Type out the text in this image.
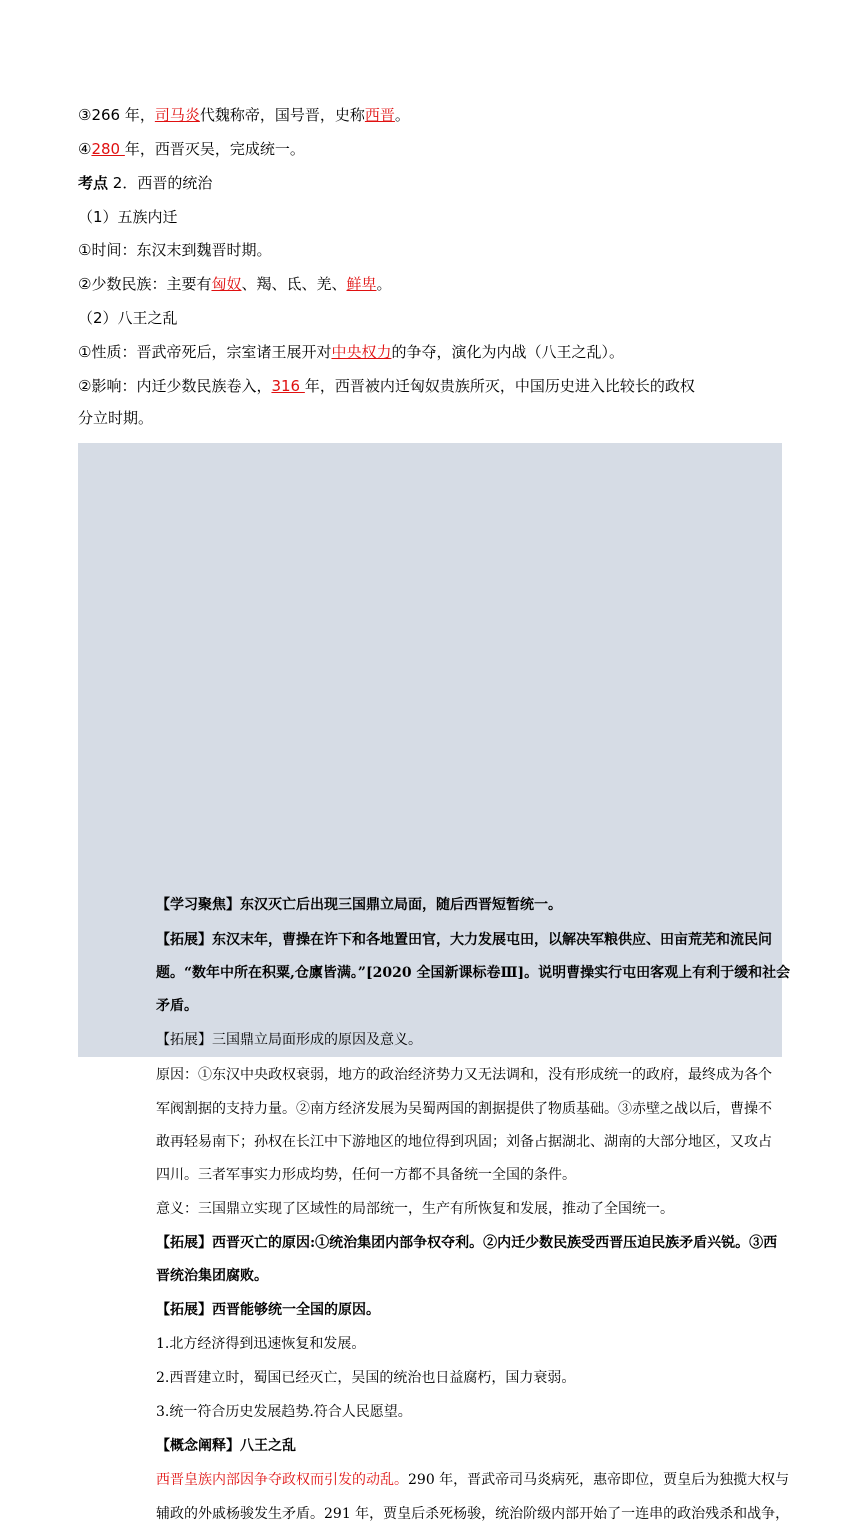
③266 年，司马炎代魏称帝，国号晋，史称西晋。
④280 年，西晋灭吴，完成统一。
考点 2．西晋的统治
（1）五族内迁
①时间：东汉末到魏晋时期。
②少数民族：主要有匈奴、羯、氐、羌、鲜卑。
（2）八王之乱
①性质：晋武帝死后，宗室诸王展开对中央权力的争夺，演化为内战（八王之乱）。
②影响：内迁少数民族卷入，316 年，西晋被内迁匈奴贵族所灭，中国历史进入比较长的政权
分立时期。
【学习聚焦】东汉灭亡后出现三国鼎立局面，随后西晋短暂统一。
【拓展】东汉末年，曹操在许下和各地置田官，大力发展屯田，以解决军粮供应、田亩荒芜和流民问
题。“数年中所在积粟,仓廪皆满。”[2020 全国新课标卷Ⅲ]。说明曹操实行屯田客观上有利于缓和社会
矛盾。
【拓展】三国鼎立局面形成的原因及意义。
原因：①东汉中央政权衰弱，地方的政治经济势力又无法调和，没有形成统一的政府，最终成为各个
军阀割据的支持力量。②南方经济发展为吴蜀两国的割据提供了物质基础。③赤壁之战以后，曹操不
敢再轻易南下；孙权在长江中下游地区的地位得到巩固；刘备占据湖北、湖南的大部分地区，又攻占
四川。三者军事实力形成均势，任何一方都不具备统一全国的条件。
意义：三国鼎立实现了区域性的局部统一，生产有所恢复和发展，推动了全国统一。
【拓展】西晋灭亡的原因:①统治集团内部争权夺利。②内迁少数民族受西晋压迫民族矛盾兴锐。③西
晋统治集团腐败。
【拓展】西晋能够统一全国的原因。
1.北方经济得到迅速恢复和发展。
2.西晋建立时，蜀国已经灭亡，吴国的统治也日益腐朽，国力衰弱。
3.统一符合历史发展趋势.符合人民愿望。
【概念阐释】八王之乱
西晋皇族内部因争夺政权而引发的动乱。290 年，晋武帝司马炎病死，惠帝即位，贾皇后为独揽大权与
辅政的外戚杨骏发生矛盾。291 年，贾皇后杀死杨骏，统治阶级内部开始了一连串的政治残杀和战争，
